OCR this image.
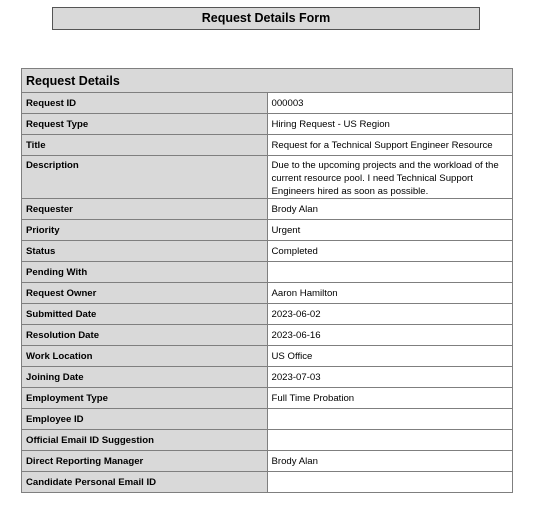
Request Details Form
Request Details	
Request ID	000003
Request Type	Hiring Request - US Region
Title	Request for a Technical Support Engineer Resource
Description	Due to the upcoming projects and the workload of the current resource pool. I need Technical Support Engineers hired as soon as possible.
Requester	Brody Alan
Priority	Urgent
Status	Completed
Pending With	
Request Owner	Aaron Hamilton
Submitted Date	2023-06-02
Resolution Date	2023-06-16
Work Location	US Office
Joining Date	2023-07-03
Employment Type	Full Time Probation
Employee ID	
Official Email ID Suggestion	
Direct Reporting Manager	Brody Alan
Candidate Personal Email ID	
